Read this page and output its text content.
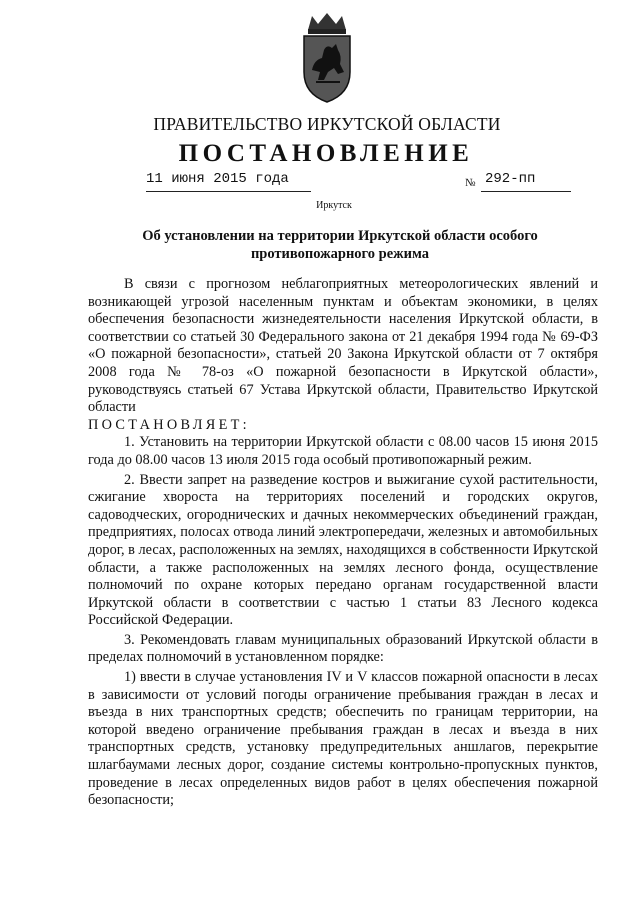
ПРАВИТЕЛЬСТВО ИРКУТСКОЙ ОБЛАСТИ
ПОСТАНОВЛЕНИЕ
11 июня 2015 года	№ 292-пп
Иркутск
Об установлении на территории Иркутской области особого противопожарного режима

В связи с прогнозом неблагоприятных метеорологических явлений и возникающей угрозой населенным пунктам и объектам экономики, в целях обеспечения безопасности жизнедеятельности населения Иркутской области, в соответствии со статьей 30 Федерального закона от 21 декабря 1994 года № 69-ФЗ «О пожарной безопасности», статьей 20 Закона Иркутской области от 7 октября 2008 года № 78-оз «О пожарной безопасности в Иркутской области», руководствуясь статьей 67 Устава Иркутской области, Правительство Иркутской области

ПОСТАНОВЛЯЕТ:

1. Установить на территории Иркутской области с 08.00 часов 15 июня 2015 года до 08.00 часов 13 июля 2015 года особый противопожарный режим.

2. Ввести запрет на разведение костров и выжигание сухой растительности, сжигание хвороста на территориях поселений и городских округов, садоводческих, огороднических и дачных некоммерческих объединений граждан, предприятиях, полосах отвода линий электропередачи, железных и автомобильных дорог, в лесах, расположенных на землях, находящихся в собственности Иркутской области, а также расположенных на землях лесного фонда, осуществление полномочий по охране которых передано органам государственной власти Иркутской области в соответствии с частью 1 статьи 83 Лесного кодекса Российской Федерации.

3. Рекомендовать главам муниципальных образований Иркутской области в пределах полномочий в установленном порядке:

1) ввести в случае установления IV и V классов пожарной опасности в лесах в зависимости от условий погоды ограничение пребывания граждан в лесах и въезда в них транспортных средств; обеспечить по границам территории, на которой введено ограничение пребывания граждан в лесах и въезда в них транспортных средств, установку предупредительных аншлагов, перекрытие шлагбаумами лесных дорог, создание системы контрольно-пропускных пунктов, проведение в лесах определенных видов работ в целях обеспечения пожарной безопасности;
